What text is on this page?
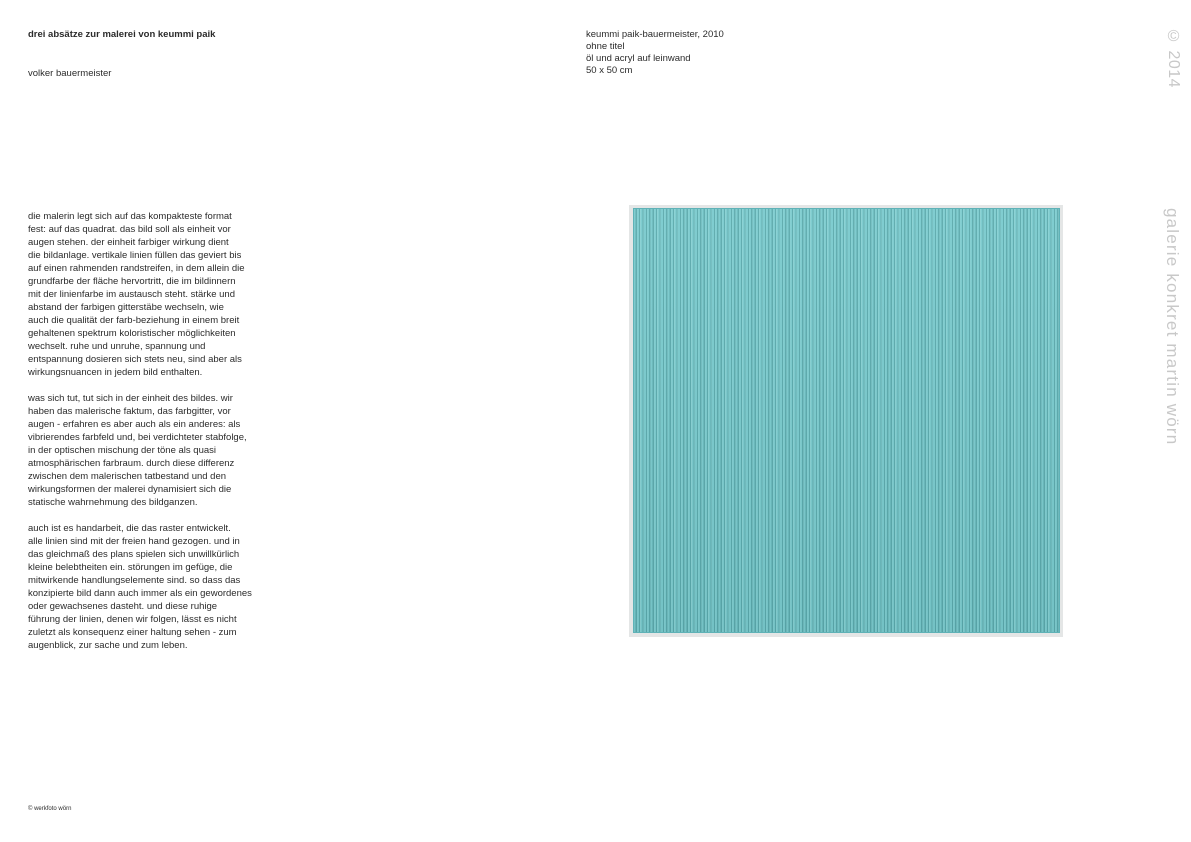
drei absätze zur malerei von keummi paik
volker bauermeister
die malerin legt sich auf das kompakteste format
fest: auf das quadrat. das bild soll als einheit vor
augen stehen. der einheit farbiger wirkung dient
die bildanlage. vertikale linien füllen das geviert bis
auf einen rahmenden randstreifen, in dem allein die
grundfarbe der fläche hervortritt, die im bildinnern
mit der linienfarbe im austausch steht. stärke und
abstand der farbigen gitterstäbe wechseln, wie
auch die qualität der farb-beziehung in einem breit
gehaltenen spektrum koloristischer möglichkeiten
wechselt. ruhe und unruhe, spannung und
entspannung dosieren sich stets neu, sind aber als
wirkungsnuancen in jedem bild enthalten.
was sich tut, tut sich in der einheit des bildes. wir
haben das malerische faktum, das farbgitter, vor
augen - erfahren es aber auch als ein anderes: als
vibrierendes farbfeld und, bei verdichteter stabfolge,
in der optischen mischung der töne als quasi
atmosphärischen farbraum. durch diese differenz
zwischen dem malerischen tatbestand und den
wirkungsformen der malerei dynamisiert sich die
statische wahrnehmung des bildganzen.
auch ist es handarbeit, die das raster entwickelt.
alle linien sind mit der freien hand gezogen. und in
das gleichmaß des plans spielen sich unwillkürlich
kleine belebtheiten ein. störungen im gefüge, die
mitwirkende handlungselemente sind. so dass das
konzipierte bild dann auch immer als ein gewordenes
oder gewachsenes dasteht. und diese ruhige
führung der linien, denen wir folgen, lässt es nicht
zuletzt als konsequenz einer haltung sehen - zum
augenblick, zur sache und zum leben.
keummi paik-bauermeister, 2010
ohne titel
öl und acryl auf leinwand
50 x 50 cm
© werkfoto wörn
© 2014
galerie konkret martin wörn
